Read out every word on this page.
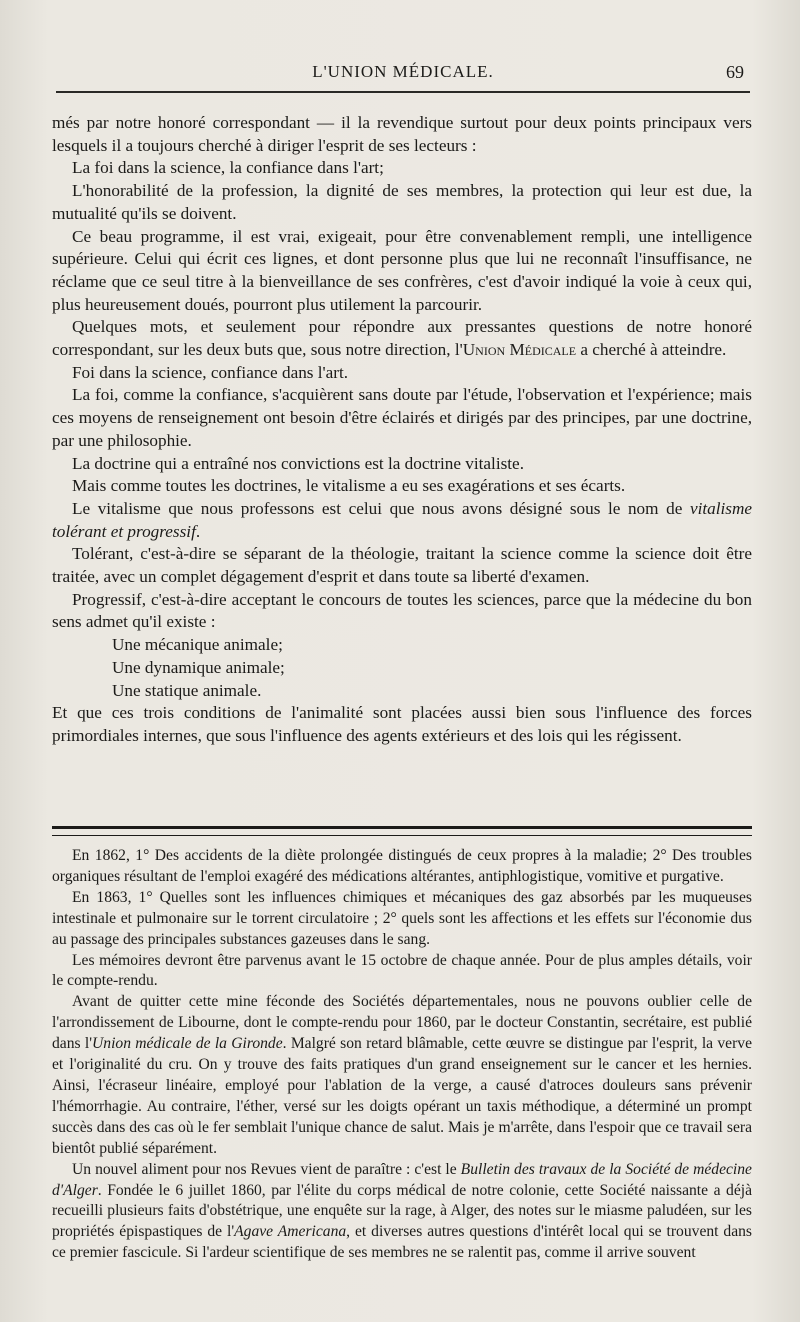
L'UNION MÉDICALE.	69

més par notre honoré correspondant — il la revendique surtout pour deux points principaux vers lesquels il a toujours cherché à diriger l'esprit de ses lecteurs :

La foi dans la science, la confiance dans l'art;

L'honorabilité de la profession, la dignité de ses membres, la protection qui leur est due, la mutualité qu'ils se doivent.

Ce beau programme, il est vrai, exigeait, pour être convenablement rempli, une intelligence supérieure. Celui qui écrit ces lignes, et dont personne plus que lui ne reconnaît l'insuffisance, ne réclame que ce seul titre à la bienveillance de ses confrères, c'est d'avoir indiqué la voie à ceux qui, plus heureusement doués, pourront plus utilement la parcourir.

Quelques mots, et seulement pour répondre aux pressantes questions de notre honoré correspondant, sur les deux buts que, sous notre direction, l'Union Médicale a cherché à atteindre.

Foi dans la science, confiance dans l'art.

La foi, comme la confiance, s'acquièrent sans doute par l'étude, l'observation et l'expérience; mais ces moyens de renseignement ont besoin d'être éclairés et dirigés par des principes, par une doctrine, par une philosophie.

La doctrine qui a entraîné nos convictions est la doctrine vitaliste.

Mais comme toutes les doctrines, le vitalisme a eu ses exagérations et ses écarts.

Le vitalisme que nous professons est celui que nous avons désigné sous le nom de vitalisme tolérant et progressif.

Tolérant, c'est-à-dire se séparant de la théologie, traitant la science comme la science doit être traitée, avec un complet dégagement d'esprit et dans toute sa liberté d'examen.

Progressif, c'est-à-dire acceptant le concours de toutes les sciences, parce que la médecine du bon sens admet qu'il existe :

Une mécanique animale;

Une dynamique animale;

Une statique animale.

Et que ces trois conditions de l'animalité sont placées aussi bien sous l'influence des forces primordiales internes, que sous l'influence des agents extérieurs et des lois qui les régissent.

En 1862, 1° Des accidents de la diète prolongée distingués de ceux propres à la maladie; 2° Des troubles organiques résultant de l'emploi exagéré des médications altérantes, antiphlogistique, vomitive et purgative.

En 1863, 1° Quelles sont les influences chimiques et mécaniques des gaz absorbés par les muqueuses intestinale et pulmonaire sur le torrent circulatoire ; 2° quels sont les affections et les effets sur l'économie dus au passage des principales substances gazeuses dans le sang.

Les mémoires devront être parvenus avant le 15 octobre de chaque année. Pour de plus amples détails, voir le compte-rendu.

Avant de quitter cette mine féconde des Sociétés départementales, nous ne pouvons oublier celle de l'arrondissement de Libourne, dont le compte-rendu pour 1860, par le docteur Constantin, secrétaire, est publié dans l'Union médicale de la Gironde. Malgré son retard blâmable, cette œuvre se distingue par l'esprit, la verve et l'originalité du cru. On y trouve des faits pratiques d'un grand enseignement sur le cancer et les hernies. Ainsi, l'écraseur linéaire, employé pour l'ablation de la verge, a causé d'atroces douleurs sans prévenir l'hémorrhagie. Au contraire, l'éther, versé sur les doigts opérant un taxis méthodique, a déterminé un prompt succès dans des cas où le fer semblait l'unique chance de salut. Mais je m'arrête, dans l'espoir que ce travail sera bientôt publié séparément.

Un nouvel aliment pour nos Revues vient de paraître : c'est le Bulletin des travaux de la Société de médecine d'Alger. Fondée le 6 juillet 1860, par l'élite du corps médical de notre colonie, cette Société naissante a déjà recueilli plusieurs faits d'obstétrique, une enquête sur la rage, à Alger, des notes sur le miasme paludéen, sur les propriétés épispastiques de l'Agave Americana, et diverses autres questions d'intérêt local qui se trouvent dans ce premier fascicule. Si l'ardeur scientifique de ses membres ne se ralentit pas, comme il arrive souvent
